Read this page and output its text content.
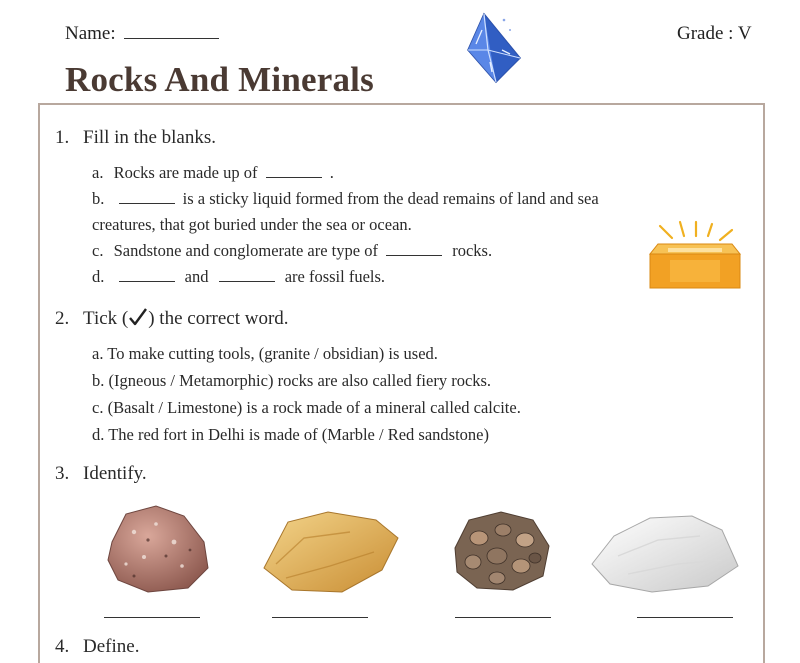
Name:	Grade : V
Rocks And Minerals
1. Fill in the blanks.
a. Rocks are made up of	.
b.	is a sticky liquid formed from the dead remains of land and sea
creatures, that got buried under the sea or ocean.
c. Sandstone and conglomerate are type of	rocks.
d.	and	are fossil fuels.
2. Tick ( ) the correct word.
a. To make cutting tools, (granite / obsidian) is used.
b. (Igneous / Metamorphic) rocks are also called fiery rocks.
c. (Basalt / Limestone) is a rock made of a mineral called calcite.
d. The red fort in Delhi is made of (Marble / Red sandstone)
3. Identify.
4. Define.
